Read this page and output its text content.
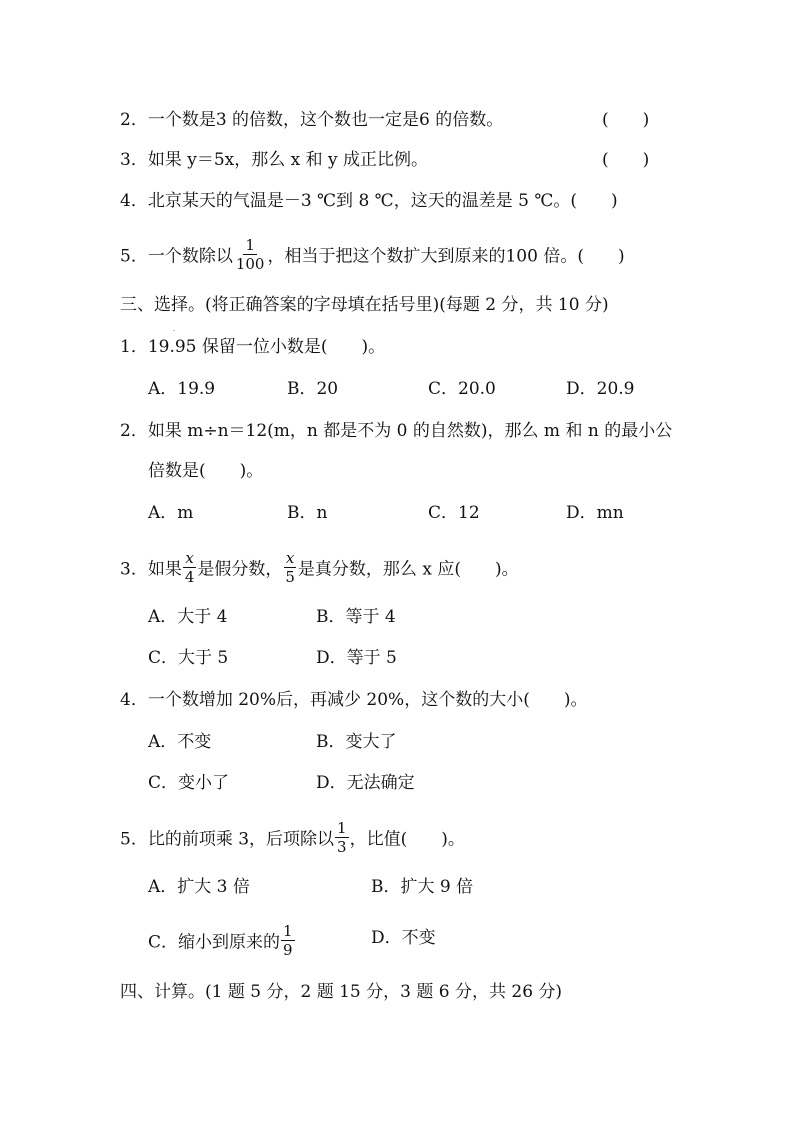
2．一个数是3 的倍数，这个数也一定是6 的倍数。	(　　)
3．如果 y＝5x，那么 x 和 y 成正比例。	(　　)
4．北京某天的气温是－3 ℃到 8 ℃，这天的温差是 5 ℃。(　　)
5．一个数除以 $\frac{1}{100}$ ，相当于把这个数扩大到原来的100 倍。(　　)
三、选择。(将正确答案的字母填在括号里)(每题 2 分，共 10 分)
1．19.95 保留一位小数是(　　)。
·
A．19.9	B．20	C．20.0	D．20.9
2．如果 m÷n＝12(m，n 都是不为 0 的自然数)，那么 m 和 n 的最小公
倍数是(　　)。
A．m	B．n	C．12	D．mn
3．如果 $\frac{x}{4}$ 是假分数， $\frac{x}{5}$ 是真分数，那么 x 应(　　)。
A．大于 4	B．等于 4
C．大于 5	D．等于 5
4．一个数增加 20%后，再减少 20%，这个数的大小(　　)。
A．不变	B．变大了
C．变小了	D．无法确定
5．比的前项乘 3，后项除以 $\frac{1}{3}$ ，比值(　　)。
A．扩大 3 倍	B．扩大 9 倍
C．缩小到原来的 $\frac{1}{9}$	D．不变
四、计算。(1 题 5 分，2 题 15 分，3 题 6 分，共 26 分)
